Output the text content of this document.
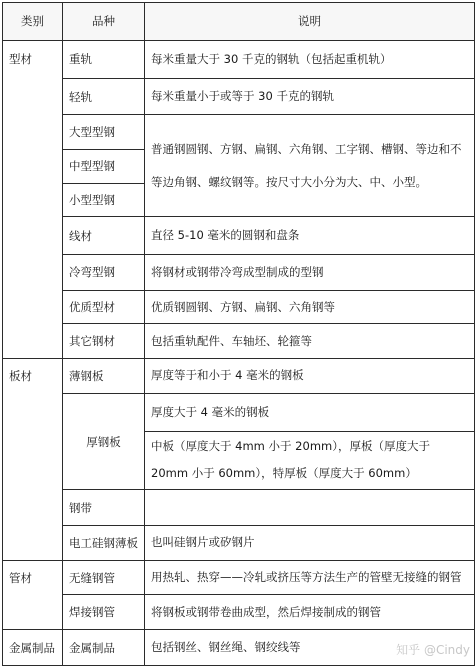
类别	品种	说明
型材	重轨	每米重量大于 30 千克的钢轨（包括起重机轨）
	轻轨	每米重量小于或等于 30 千克的钢轨
	大型型钢	普通钢圆钢、方钢、扁钢、六角钢、工字钢、槽钢、等边和不等边角钢、螺纹钢等。按尺寸大小分为大、中、小型。
	中型型钢	
	小型型钢	
	线材	直径 5-10 毫米的圆钢和盘条
	冷弯型钢	将钢材或钢带冷弯成型制成的型钢
	优质型材	优质钢圆钢、方钢、扁钢、六角钢等
	其它钢材	包括重轨配件、车轴坯、轮箍等
板材	薄钢板	厚度等于和小于 4 毫米的钢板
	厚钢板	厚度大于 4 毫米的钢板
		中板（厚度大于 4mm 小于 20mm），厚板（厚度大于 20mm 小于 60mm），特厚板（厚度大于 60mm）
	钢带	
	电工硅钢薄板	也叫硅钢片或矽钢片
管材	无缝钢管	用热轧、热穿——冷轧或挤压等方法生产的管壁无接缝的钢管
	焊接钢管	将钢板或钢带卷曲成型，然后焊接制成的钢管
金属制品	金属制品	包括钢丝、钢丝绳、钢绞线等	知乎 @Cindy
